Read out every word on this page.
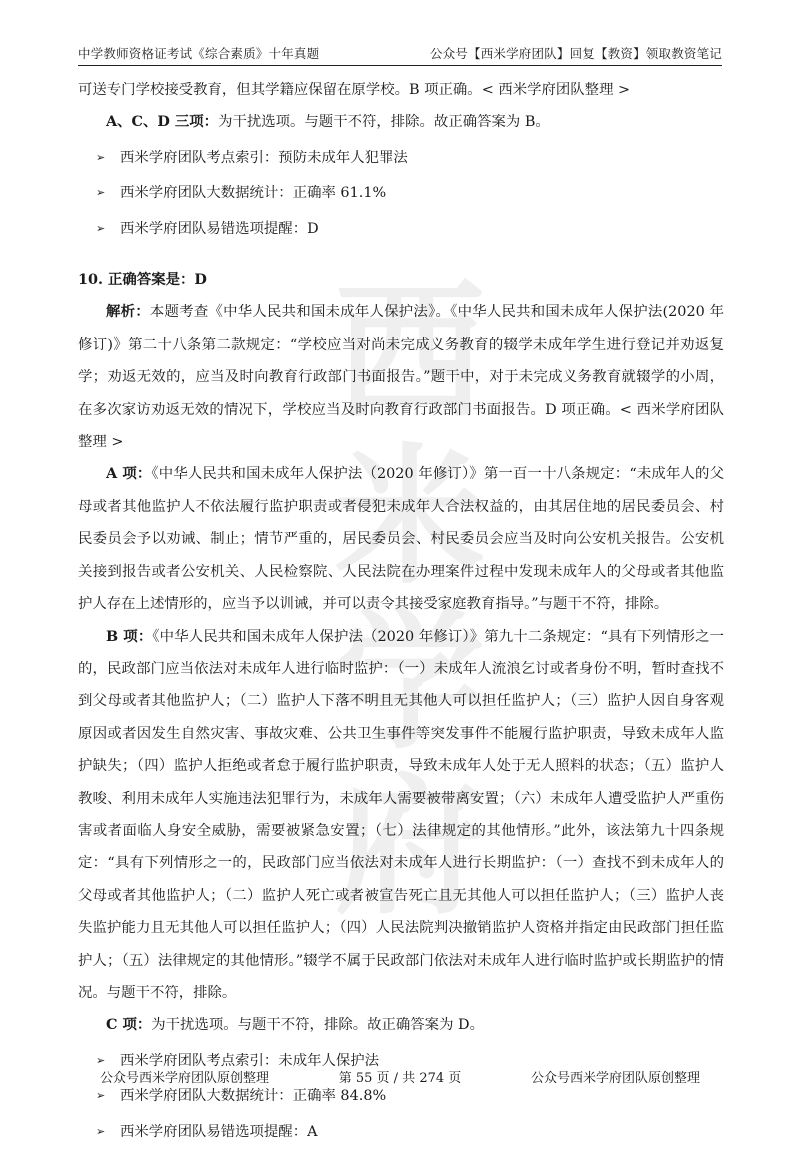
西米学府
中学教师资格证考试《综合素质》十年真题	公众号【西米学府团队】回复【教资】领取教资笔记

可送专门学校接受教育，但其学籍应保留在原学校。B 项正确。< 西米学府团队整理 >

A、C、D 三项：为干扰选项。与题干不符，排除。故正确答案为 B。

➢ 西米学府团队考点索引：预防未成年人犯罪法
➢ 西米学府团队大数据统计：正确率 61.1%
➢ 西米学府团队易错选项提醒：D

10. 正确答案是：D

解析：本题考查《中华人民共和国未成年人保护法》。《中华人民共和国未成年人保护法(2020 年修订)》第二十八条第二款规定：“学校应当对尚未完成义务教育的辍学未成年学生进行登记并劝返复学；劝返无效的，应当及时向教育行政部门书面报告。”题干中，对于未完成义务教育就辍学的小周，在多次家访劝返无效的情况下，学校应当及时向教育行政部门书面报告。D 项正确。< 西米学府团队整理 >

A 项：《中华人民共和国未成年人保护法（2020 年修订）》第一百一十八条规定：“未成年人的父母或者其他监护人不依法履行监护职责或者侵犯未成年人合法权益的，由其居住地的居民委员会、村民委员会予以劝诫、制止；情节严重的，居民委员会、村民委员会应当及时向公安机关报告。公安机关接到报告或者公安机关、人民检察院、人民法院在办理案件过程中发现未成年人的父母或者其他监护人存在上述情形的，应当予以训诫，并可以责令其接受家庭教育指导。”与题干不符，排除。

B 项：《中华人民共和国未成年人保护法（2020 年修订）》第九十二条规定：“具有下列情形之一的，民政部门应当依法对未成年人进行临时监护：（一）未成年人流浪乞讨或者身份不明，暂时查找不到父母或者其他监护人；（二）监护人下落不明且无其他人可以担任监护人；（三）监护人因自身客观原因或者因发生自然灾害、事故灾难、公共卫生事件等突发事件不能履行监护职责，导致未成年人监护缺失；（四）监护人拒绝或者怠于履行监护职责，导致未成年人处于无人照料的状态；（五）监护人教唆、利用未成年人实施违法犯罪行为，未成年人需要被带离安置；（六）未成年人遭受监护人严重伤害或者面临人身安全威胁，需要被紧急安置；（七）法律规定的其他情形。”此外，该法第九十四条规定：“具有下列情形之一的，民政部门应当依法对未成年人进行长期监护：（一）查找不到未成年人的父母或者其他监护人；（二）监护人死亡或者被宣告死亡且无其他人可以担任监护人；（三）监护人丧失监护能力且无其他人可以担任监护人；（四）人民法院判决撤销监护人资格并指定由民政部门担任监护人；（五）法律规定的其他情形。”辍学不属于民政部门依法对未成年人进行临时监护或长期监护的情况。与题干不符，排除。

C 项：为干扰选项。与题干不符，排除。故正确答案为 D。

➢ 西米学府团队考点索引：未成年人保护法
➢ 西米学府团队大数据统计：正确率 84.8%
➢ 西米学府团队易错选项提醒：A
公众号西米学府团队原创整理	第 55 页 / 共 274 页	公众号西米学府团队原创整理
